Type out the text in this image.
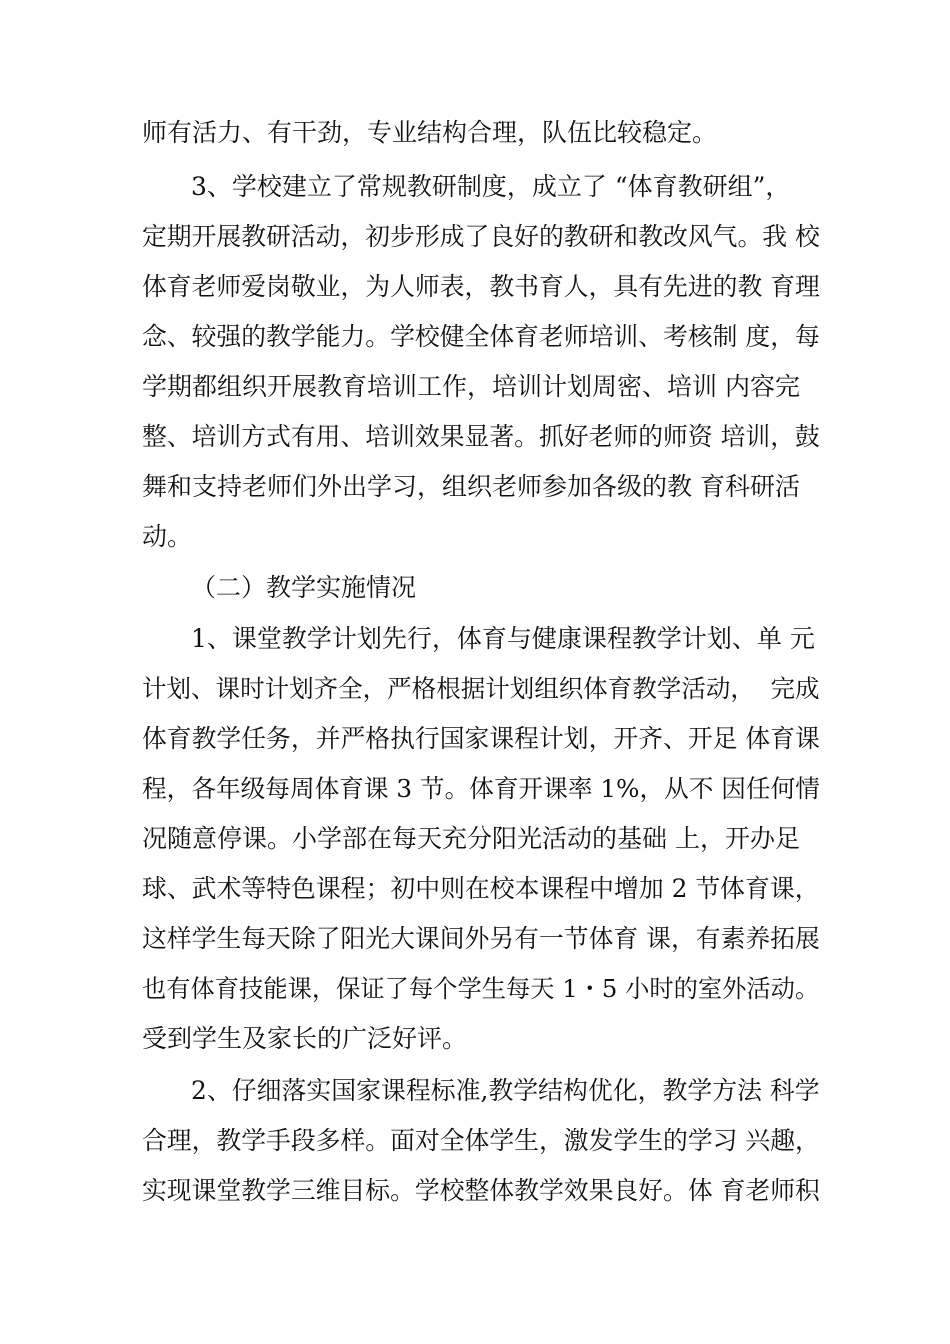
师有活力、有干劲，专业结构合理，队伍比较稳定。
3、学校建立了常规教研制度，成立了 “体育教研组”，
定期开展教研活动，初步形成了良好的教研和教改风气。我 校
体育老师爱岗敬业，为人师表，教书育人，具有先进的教 育理
念、较强的教学能力。学校健全体育老师培训、考核制 度，每
学期都组织开展教育培训工作，培训计划周密、培训 内容完
整、培训方式有用、培训效果显著。抓好老师的师资 培训，鼓
舞和支持老师们外出学习，组织老师参加各级的教 育科研活
动。
（二）教学实施情况
1、课堂教学计划先行，体育与健康课程教学计划、单 元
计划、课时计划齐全，严格根据计划组织体育教学活动，  完成
体育教学任务，并严格执行国家课程计划，开齐、开足 体育课
程，各年级每周体育课 3 节。体育开课率 1%，从不 因任何情
况随意停课。小学部在每天充分阳光活动的基础 上，开办足
球、武术等特色课程；初中则在校本课程中增加 2 节体育课，
这样学生每天除了阳光大课间外另有一节体育 课，有素养拓展
也有体育技能课，保证了每个学生每天 1・5 小时的室外活动。
受到学生及家长的广泛好评。
2、仔细落实国家课程标准,教学结构优化，教学方法 科学
合理，教学手段多样。面对全体学生，激发学生的学习 兴趣，
实现课堂教学三维目标。学校整体教学效果良好。体 育老师积
